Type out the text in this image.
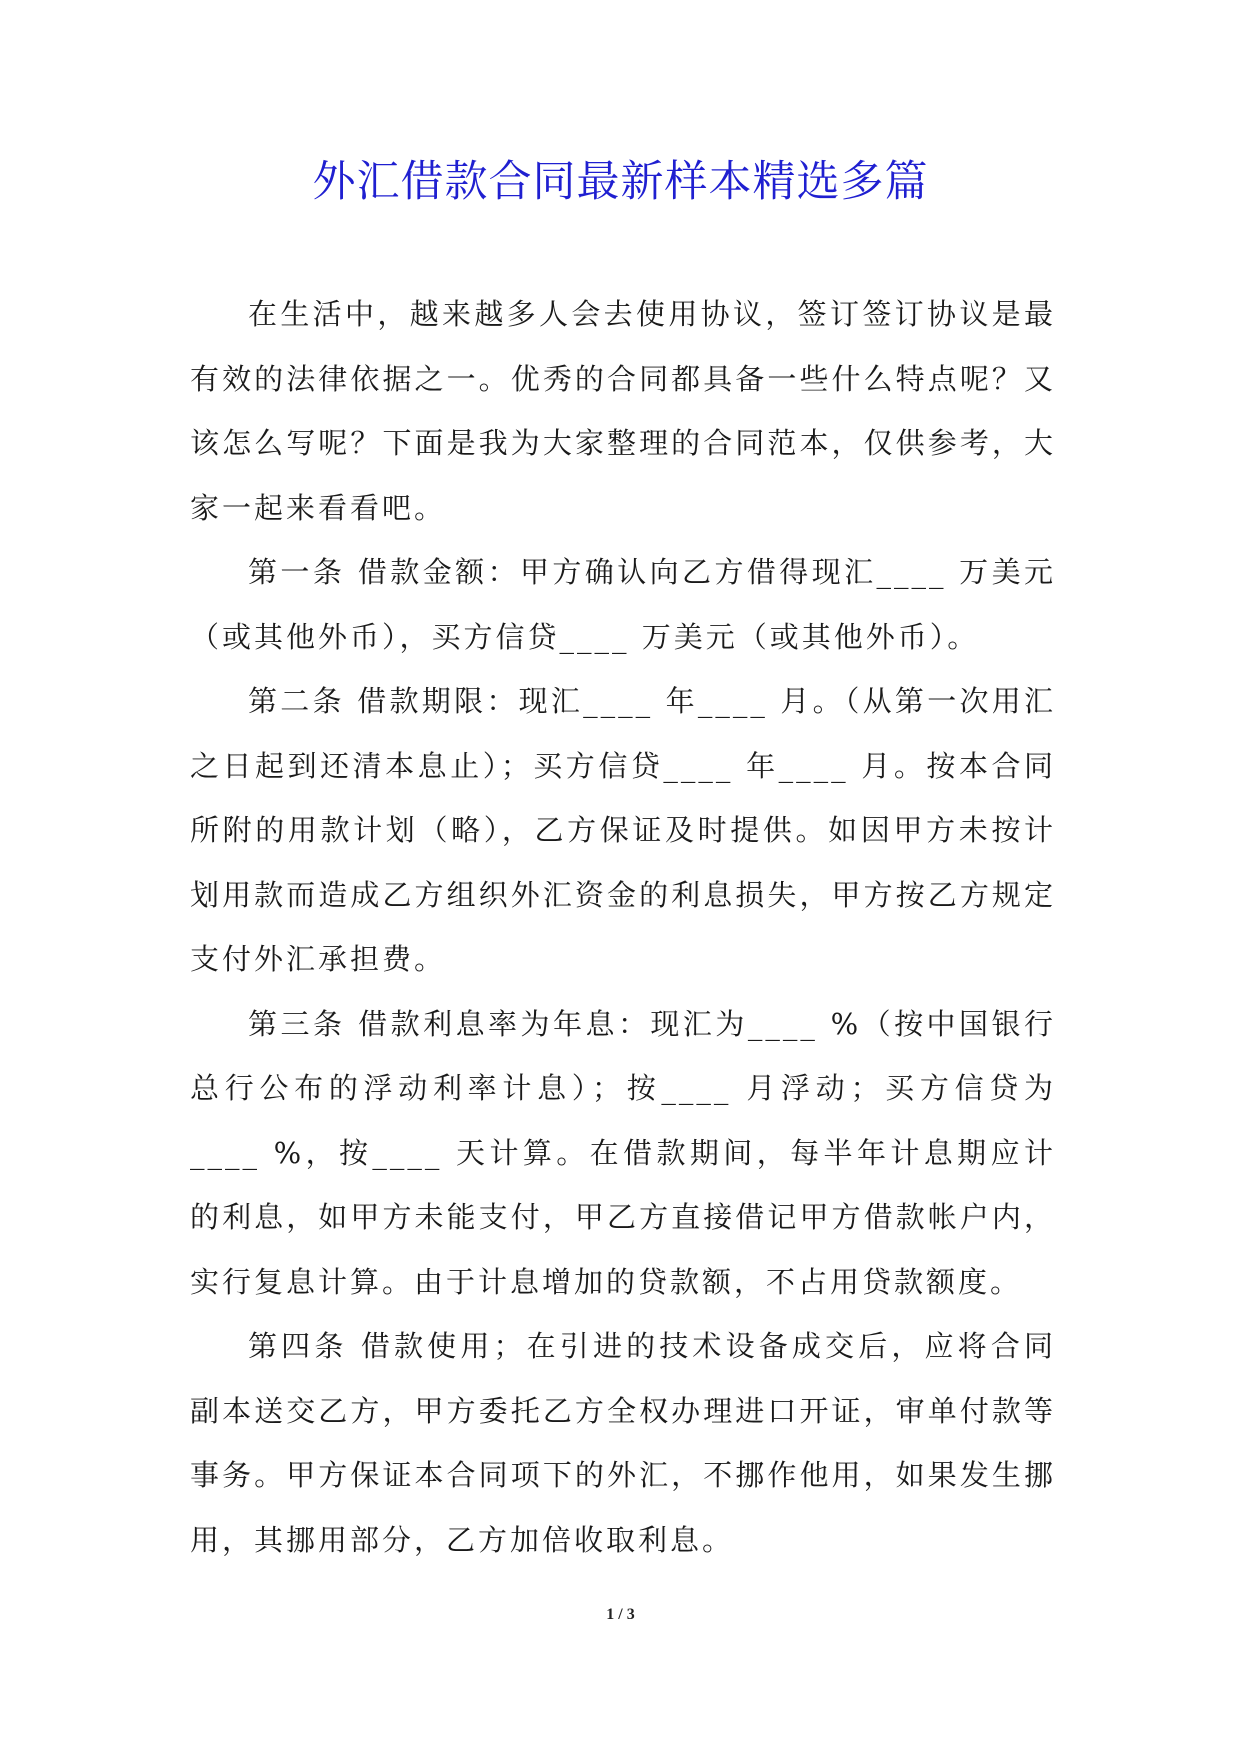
外汇借款合同最新样本精选多篇

在生活中，越来越多人会去使用协议，签订签订协议是最有效的法律依据之一。优秀的合同都具备一些什么特点呢？又该怎么写呢？下面是我为大家整理的合同范本，仅供参考，大家一起来看看吧。

第一条 借款金额：甲方确认向乙方借得现汇____ 万美元（或其他外币），买方信贷____ 万美元（或其他外币）。

第二条 借款期限：现汇____ 年____ 月。（从第一次用汇之日起到还清本息止）；买方信贷____ 年____ 月。按本合同所附的用款计划（略），乙方保证及时提供。如因甲方未按计划用款而造成乙方组织外汇资金的利息损失，甲方按乙方规定支付外汇承担费。

第三条 借款利息率为年息：现汇为____ %（按中国银行总行公布的浮动利率计息）；按____ 月浮动；买方信贷为____ %，按____ 天计算。在借款期间，每半年计息期应计的利息，如甲方未能支付，甲乙方直接借记甲方借款帐户内，实行复息计算。由于计息增加的贷款额，不占用贷款额度。

第四条 借款使用；在引进的技术设备成交后，应将合同副本送交乙方，甲方委托乙方全权办理进口开证，审单付款等事务。甲方保证本合同项下的外汇，不挪作他用，如果发生挪用，其挪用部分，乙方加倍收取利息。

1 / 3
